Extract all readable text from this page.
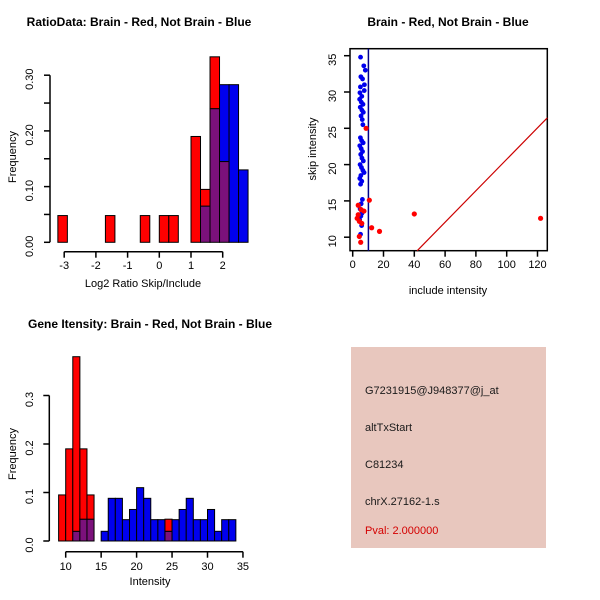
0.00
0.10
0.20
0.30
-3 -2 -1 0 1 2	0 20 40 60 80 100 120
10
15
20
25
30
35
0.0
0.1
0.2
0.3
10 15 20 25 30 35
RatioData: Brain - Red, Not Brain - Blue	Brain - Red, Not Brain - Blue
Gene Itensity: Brain - Red, Not Brain - Blue
Log2 Ratio Skip/Include
include intensity
Intensity
Frequency	skip intensity
Frequency
G7231915@J948377@j_at
altTxStart
C81234
chrX.27162-1.s
Pval: 2.000000
